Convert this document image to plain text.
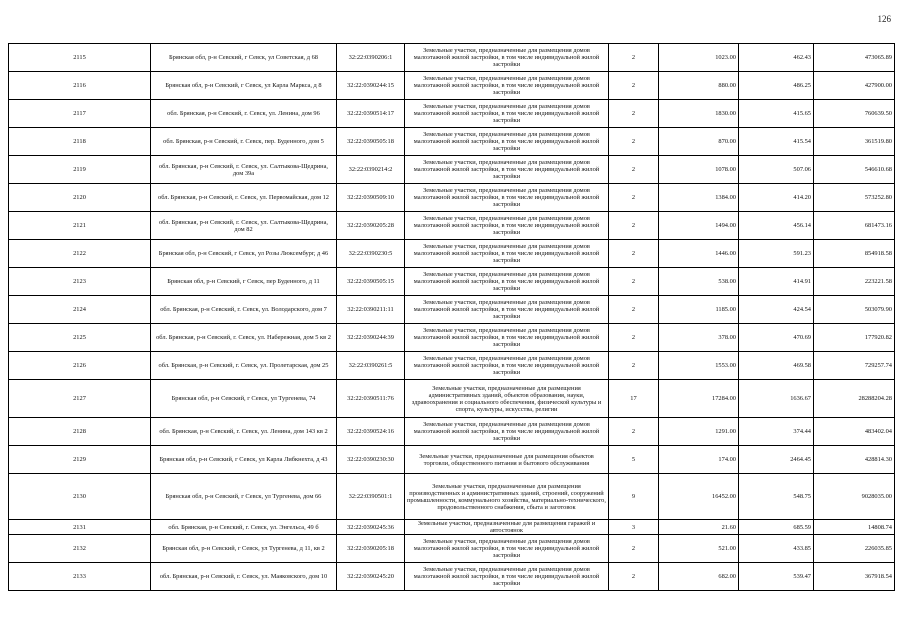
126
2115	Брянская обл, р-н Севский, г Севск, ул Советская, д 68	32:22:0390206:1	Земельные участки, предназначенные для размещения домов малоэтажной жилой застройки, в том числе индивидуальной жилой застройки	2	1023.00	462.43	473065.89
2116	Брянская обл, р-н Севский, г Севск, ул Карла Маркса, д 8	32:22:0390244:15	Земельные участки, предназначенные для размещения домов малоэтажной жилой застройки, в том числе индивидуальной жилой застройки	2	880.00	486.25	427900.00
2117	обл. Брянская, р-н Севский, г. Севск, ул. Ленина, дом 96	32:22:0390514:17	Земельные участки, предназначенные для размещения домов малоэтажной жилой застройки, в том числе индивидуальной жилой застройки	2	1830.00	415.65	760639.50
2118	обл. Брянская, р-н Севский, г. Севск, пер. Буденного, дом 5	32:22:0390505:18	Земельные участки, предназначенные для размещения домов малоэтажной жилой застройки, в том числе индивидуальной жилой застройки	2	870.00	415.54	361519.80
2119	обл. Брянская, р-н Севский, г. Севск, ул. Салтыкова-Щедрина, дом 39а	32:22:0390214:2	Земельные участки, предназначенные для размещения домов малоэтажной жилой застройки, в том числе индивидуальной жилой застройки	2	1078.00	507.06	546610.68
2120	обл. Брянская, р-н Севский, г. Севск, ул. Первомайская, дом 12	32:22:0390509:10	Земельные участки, предназначенные для размещения домов малоэтажной жилой застройки, в том числе индивидуальной жилой застройки	2	1384.00	414.20	573252.80
2121	обл. Брянская, р-н Севский, г. Севск, ул. Салтыкова-Щедрина, дом 82	32:22:0390205:28	Земельные участки, предназначенные для размещения домов малоэтажной жилой застройки, в том числе индивидуальной жилой застройки	2	1494.00	456.14	681473.16
2122	Брянская обл, р-н Севский, г Севск, ул Розы Люксембург, д 46	32:22:0390230:5	Земельные участки, предназначенные для размещения домов малоэтажной жилой застройки, в том числе индивидуальной жилой застройки	2	1446.00	591.23	854918.58
2123	Брянская обл, р-н Севский, г Севск, пер Буденного, д 11	32:22:0390505:15	Земельные участки, предназначенные для размещения домов малоэтажной жилой застройки, в том числе индивидуальной жилой застройки	2	538.00	414.91	223221.58
2124	обл. Брянская, р-н Севский, г. Севск, ул. Володарского, дом 7	32:22:0390211:11	Земельные участки, предназначенные для размещения домов малоэтажной жилой застройки, в том числе индивидуальной жилой застройки	2	1185.00	424.54	503079.90
2125	обл. Брянская, р-н Севский, г. Севск, ул. Набережная, дом 5 кв 2	32:22:0390244:39	Земельные участки, предназначенные для размещения домов малоэтажной жилой застройки, в том числе индивидуальной жилой застройки	2	378.00	470.69	177920.82
2126	обл. Брянская, р-н Севский, г. Севск, ул. Пролетарская, дом 25	32:22:0390261:5	Земельные участки, предназначенные для размещения домов малоэтажной жилой застройки, в том числе индивидуальной жилой застройки	2	1553.00	469.58	729257.74
2127	Брянская обл, р-н Севский, г Севск, ул Тургенева, 74	32:22:0390511:76	Земельные участки, предназначенные для размещения административных зданий, объектов образования, науки, здравоохранения и социального обеспечения, физической культуры и спорта, культуры, искусства, религии	17	17284.00	1636.67	28288204.28
2128	обл. Брянская, р-н Севский, г. Севск, ул. Ленина, дом 143 кв 2	32:22:0390524:16	Земельные участки, предназначенные для размещения домов малоэтажной жилой застройки, в том числе индивидуальной жилой застройки	2	1291.00	374.44	483402.04
2129	Брянская обл, р-н Севский, г Севск, ул Карла Либкнехта, д 43	32:22:0390230:30	Земельные участки, предназначенные для размещения объектов торговли, общественного питания и бытового обслуживания	5	174.00	2464.45	428814.30
2130	Брянская обл, р-н Севский, г Севск, ул Тургенева, дом 66	32:22:0390501:1	Земельные участки, предназначенные для размещения производственных и административных зданий, строений, сооружений промышленности, коммунального хозяйства, материально-технического, продовольственного снабжения, сбыта и заготовок	9	16452.00	548.75	9028035.00
2131	обл. Брянская, р-н Севский, г. Севск, ул. Энгельса, 49 б	32:22:0390245:36	Земельные участки, предназначенные для размещения гаражей и автостоянок	3	21.60	685.59	14808.74
2132	Брянская обл, р-н Севский, г Севск, ул Тургенева, д 11, кв 2	32:22:0390205:18	Земельные участки, предназначенные для размещения домов малоэтажной жилой застройки, в том числе индивидуальной жилой застройки	2	521.00	433.85	226035.85
2133	обл. Брянская, р-н Севский, г. Севск, ул. Маяковского, дом 10	32:22:0390245:20	Земельные участки, предназначенные для размещения домов малоэтажной жилой застройки, в том числе индивидуальной жилой застройки	2	682.00	539.47	367918.54
